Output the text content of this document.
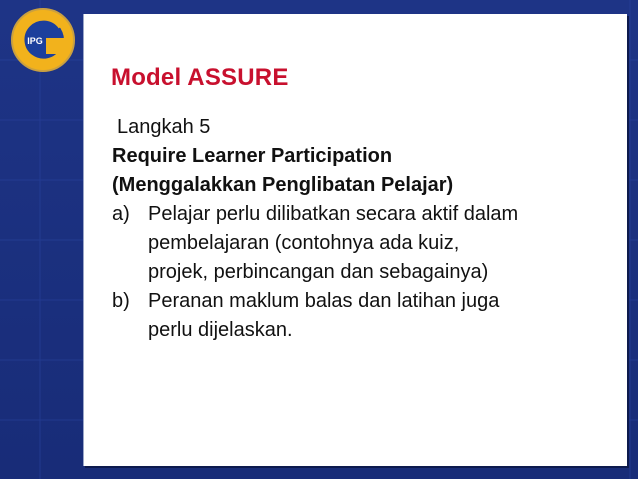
IPG
Model ASSURE
Langkah 5
Require Learner Participation
(Menggalakkan Penglibatan Pelajar)
a) Pelajar perlu dilibatkan secara aktif dalam
pembelajaran (contohnya ada kuiz,
projek, perbincangan dan sebagainya)
b) Peranan maklum balas dan latihan juga
perlu dijelaskan.
